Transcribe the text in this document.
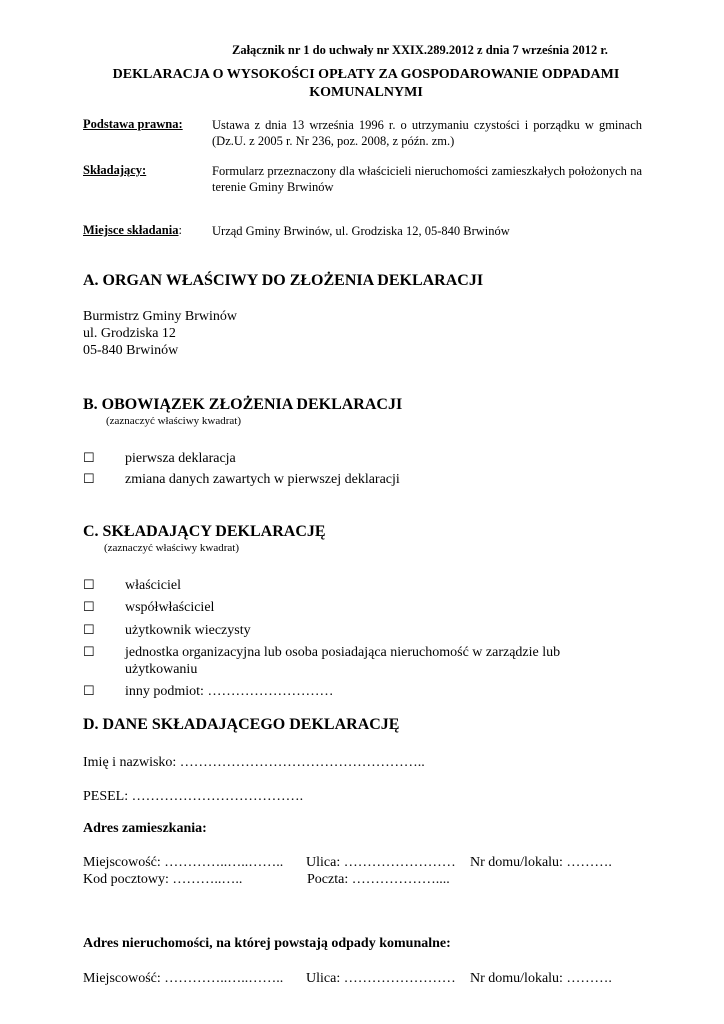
Załącznik nr 1 do uchwały nr XXIX.289.2012 z dnia 7 września 2012 r.
DEKLARACJA O WYSOKOŚCI OPŁATY ZA GOSPODAROWANIE ODPADAMI
KOMUNALNYMI
Podstawa prawna: Ustawa z dnia 13 września 1996 r. o utrzymaniu czystości i porządku w gminach (Dz.U. z 2005 r. Nr 236, poz. 2008, z późn. zm.)
Składający:	Formularz przeznaczony dla właścicieli nieruchomości zamieszkałych położonych na terenie Gminy Brwinów
Miejsce składania: Urząd Gminy Brwinów, ul. Grodziska 12, 05-840 Brwinów
A. ORGAN WŁAŚCIWY DO ZŁOŻENIA DEKLARACJI
Burmistrz Gminy Brwinów
ul. Grodziska 12
05-840 Brwinów
B. OBOWIĄZEK ZŁOŻENIA DEKLARACJI
(zaznaczyć właściwy kwadrat)
☐ pierwsza deklaracja
☐ zmiana danych zawartych w pierwszej deklaracji
C. SKŁADAJĄCY DEKLARACJĘ
(zaznaczyć właściwy kwadrat)
☐ właściciel
☐ współwłaściciel
☐ użytkownik wieczysty
☐ jednostka organizacyjna lub osoba posiadająca nieruchomość w zarządzie lub
użytkowaniu
☐ inny podmiot: ………………………
D. DANE SKŁADAJĄCEGO DEKLARACJĘ
Imię i nazwisko: ……………………………………………..
PESEL: ……………………………….
Adres zamieszkania:
Miejscowość: …………..…..…….. Ulica: …………………… Nr domu/lokalu: ……….
Kod pocztowy: ………..…..	Poczta: ………………....
Adres nieruchomości, na której powstają odpady komunalne:
Miejscowość: …………..…..…….. Ulica: …………………… Nr domu/lokalu: ……….
